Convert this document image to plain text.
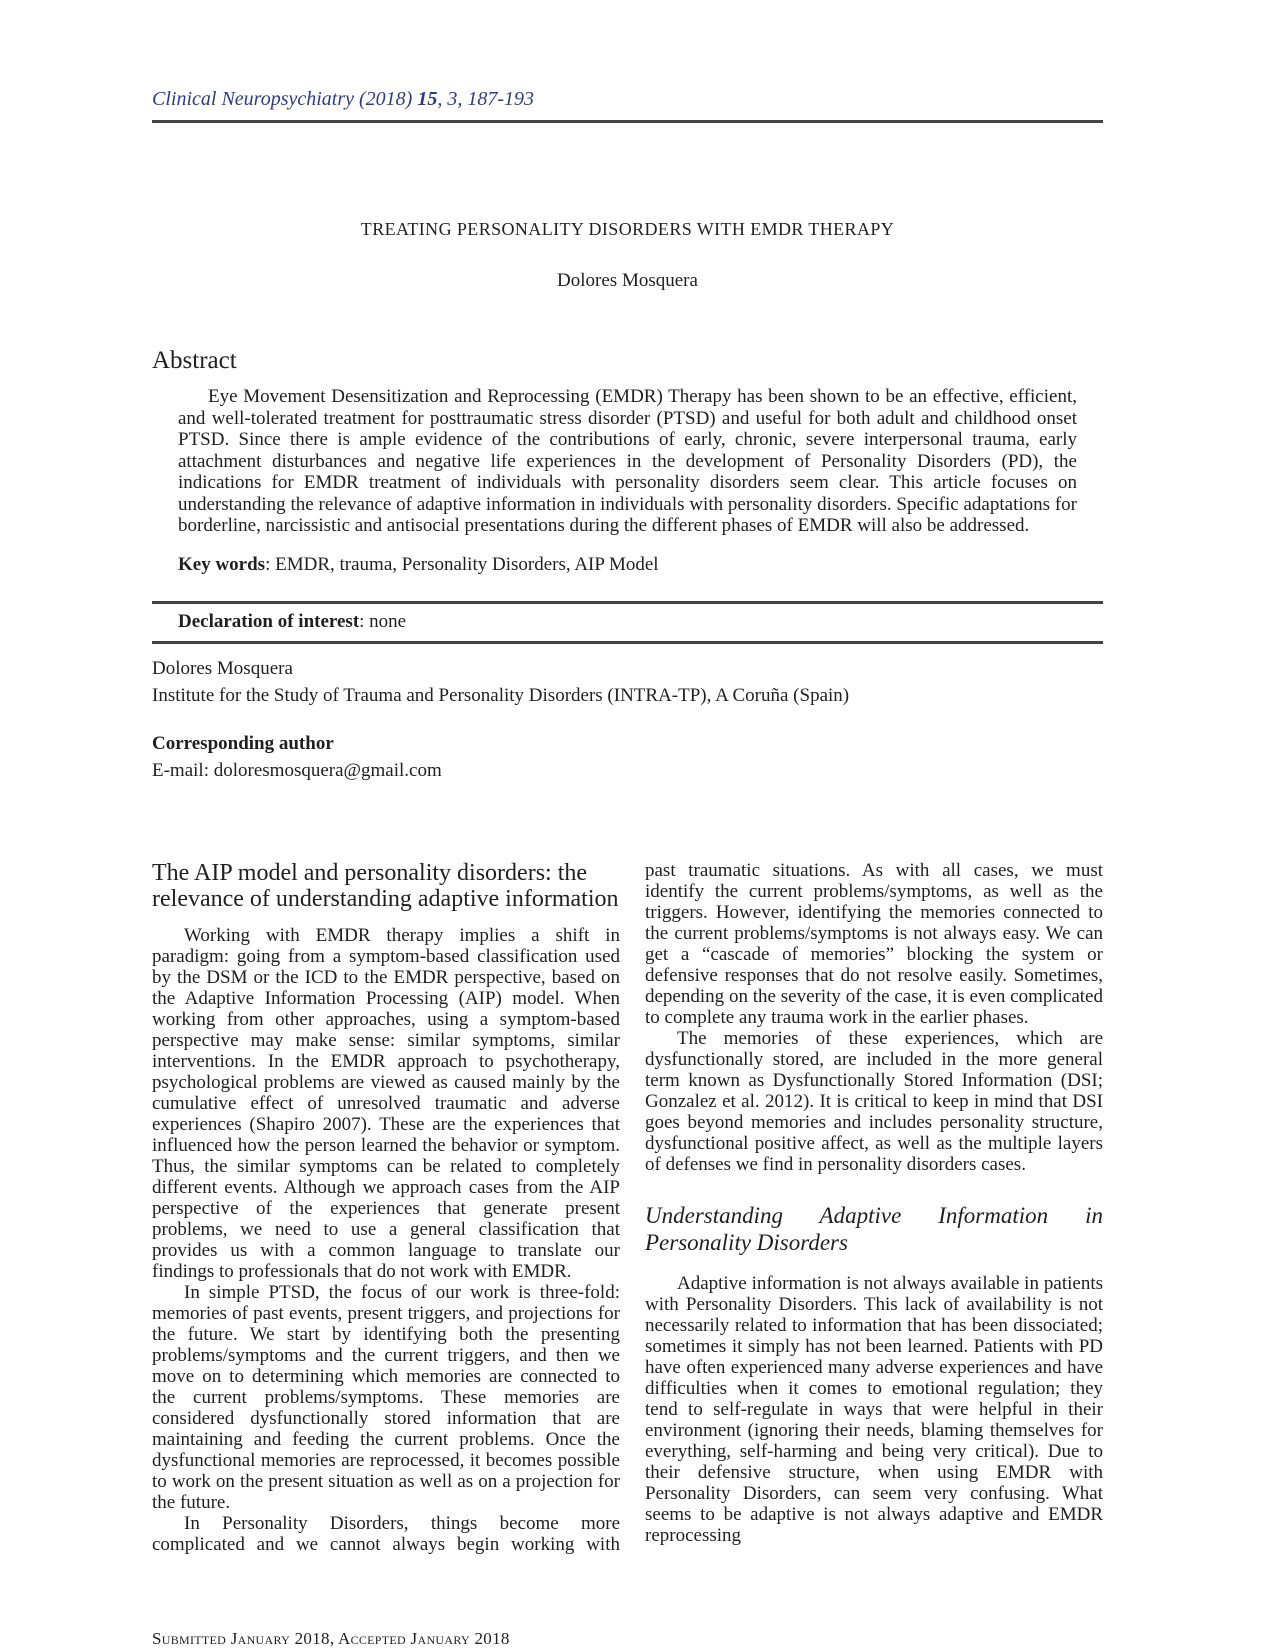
Clinical Neuropsychiatry (2018) 15, 3, 187-193
TREATING PERSONALITY DISORDERS WITH EMDR THERAPY
Dolores Mosquera
Abstract

Eye Movement Desensitization and Reprocessing (EMDR) Therapy has been shown to be an effective, efficient, and well-tolerated treatment for posttraumatic stress disorder (PTSD) and useful for both adult and childhood onset PTSD. Since there is ample evidence of the contributions of early, chronic, severe interpersonal trauma, early attachment disturbances and negative life experiences in the development of Personality Disorders (PD), the indications for EMDR treatment of individuals with personality disorders seem clear. This article focuses on understanding the relevance of adaptive information in individuals with personality disorders. Specific adaptations for borderline, narcissistic and antisocial presentations during the different phases of EMDR will also be addressed.

Key words: EMDR, trauma, Personality Disorders, AIP Model

Declaration of interest: none

Dolores Mosquera
Institute for the Study of Trauma and Personality Disorders (INTRA-TP), A Coruña (Spain)
Corresponding author
E-mail: doloresmosquera@gmail.com
The AIP model and personality disorders: the relevance of understanding adaptive information

Working with EMDR therapy implies a shift in paradigm: going from a symptom-based classification used by the DSM or the ICD to the EMDR perspective, based on the Adaptive Information Processing (AIP) model. When working from other approaches, using a symptom-based perspective may make sense: similar symptoms, similar interventions. In the EMDR approach to psychotherapy, psychological problems are viewed as caused mainly by the cumulative effect of unresolved traumatic and adverse experiences (Shapiro 2007). These are the experiences that influenced how the person learned the behavior or symptom. Thus, the similar symptoms can be related to completely different events. Although we approach cases from the AIP perspective of the experiences that generate present problems, we need to use a general classification that provides us with a common language to translate our findings to professionals that do not work with EMDR.

In simple PTSD, the focus of our work is three-fold: memories of past events, present triggers, and projections for the future. We start by identifying both the presenting problems/symptoms and the current triggers, and then we move on to determining which memories are connected to the current problems/symptoms. These memories are considered dysfunctionally stored information that are maintaining and feeding the current problems. Once the dysfunctional memories are reprocessed, it becomes possible to work on the present situation as well as on a projection for the future.

In Personality Disorders, things become more complicated and we cannot always begin working with

past traumatic situations. As with all cases, we must identify the current problems/symptoms, as well as the triggers. However, identifying the memories connected to the current problems/symptoms is not always easy. We can get a “cascade of memories” blocking the system or defensive responses that do not resolve easily. Sometimes, depending on the severity of the case, it is even complicated to complete any trauma work in the earlier phases.

The memories of these experiences, which are dysfunctionally stored, are included in the more general term known as Dysfunctionally Stored Information (DSI; Gonzalez et al. 2012). It is critical to keep in mind that DSI goes beyond memories and includes personality structure, dysfunctional positive affect, as well as the multiple layers of defenses we find in personality disorders cases.

Understanding Adaptive Information in Personality Disorders

Adaptive information is not always available in patients with Personality Disorders. This lack of availability is not necessarily related to information that has been dissociated; sometimes it simply has not been learned. Patients with PD have often experienced many adverse experiences and have difficulties when it comes to emotional regulation; they tend to self-regulate in ways that were helpful in their environment (ignoring their needs, blaming themselves for everything, self-harming and being very critical). Due to their defensive structure, when using EMDR with Personality Disorders, can seem very confusing. What seems to be adaptive is not always adaptive and EMDR reprocessing

Submitted January 2018, Accepted January 2018
